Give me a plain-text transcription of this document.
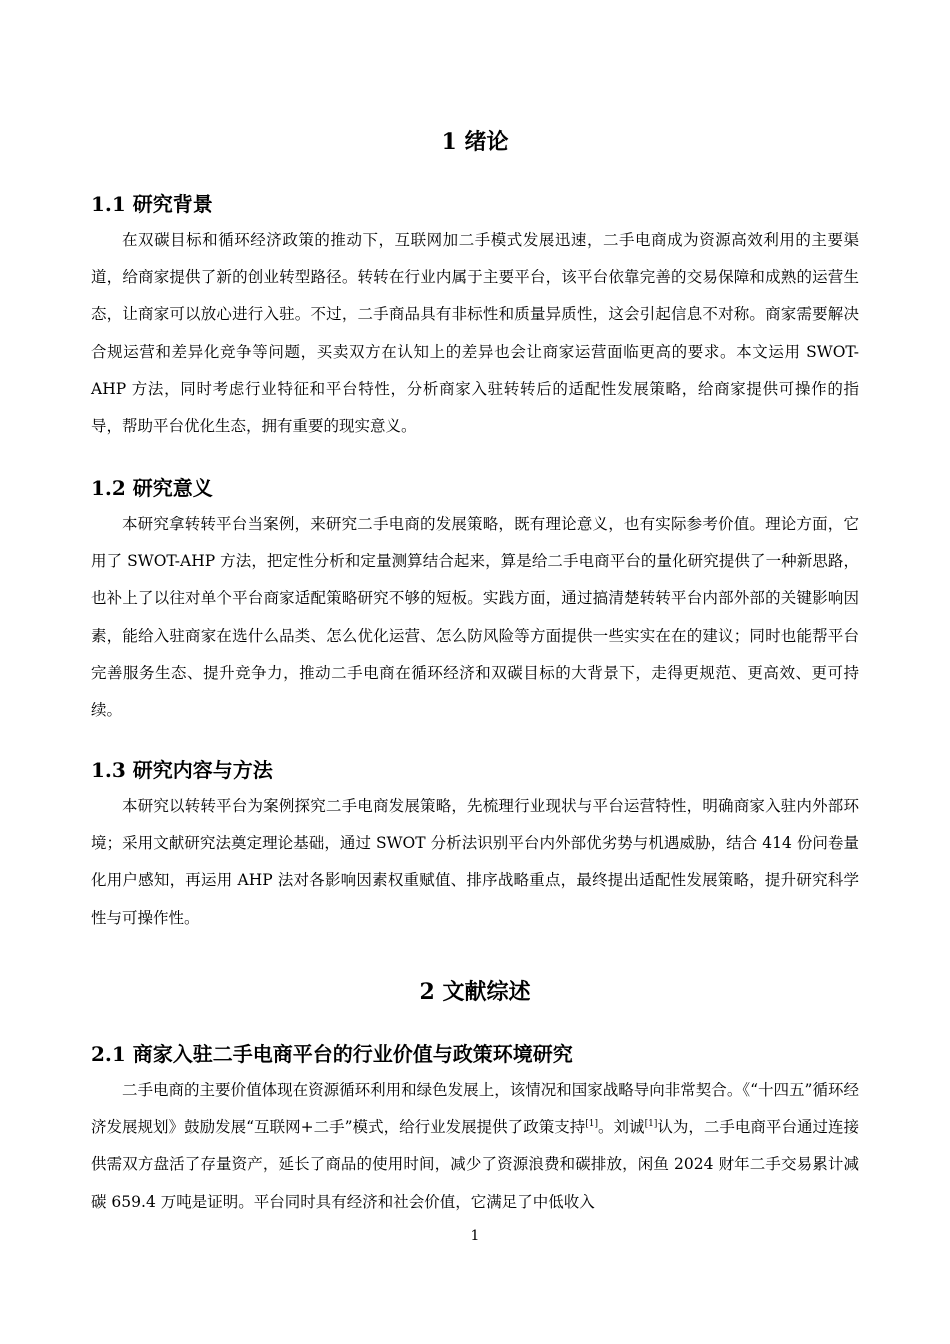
1 绪论
1.1 研究背景

在双碳目标和循环经济政策的推动下，互联网加二手模式发展迅速，二手电商成为资源高效利用的主要渠道，给商家提供了新的创业转型路径。转转在行业内属于主要平台，该平台依靠完善的交易保障和成熟的运营生态，让商家可以放心进行入驻。不过，二手商品具有非标性和质量异质性，这会引起信息不对称。商家需要解决合规运营和差异化竞争等问题，买卖双方在认知上的差异也会让商家运营面临更高的要求。本文运用 SWOT-AHP 方法，同时考虑行业特征和平台特性，分析商家入驻转转后的适配性发展策略，给商家提供可操作的指导，帮助平台优化生态，拥有重要的现实意义。

1.2 研究意义

本研究拿转转平台当案例，来研究二手电商的发展策略，既有理论意义，也有实际参考价值。理论方面，它用了 SWOT-AHP 方法，把定性分析和定量测算结合起来，算是给二手电商平台的量化研究提供了一种新思路，也补上了以往对单个平台商家适配策略研究不够的短板。实践方面，通过搞清楚转转平台内部外部的关键影响因素，能给入驻商家在选什么品类、怎么优化运营、怎么防风险等方面提供一些实实在在的建议；同时也能帮平台完善服务生态、提升竞争力，推动二手电商在循环经济和双碳目标的大背景下，走得更规范、更高效、更可持续。

1.3 研究内容与方法

本研究以转转平台为案例探究二手电商发展策略，先梳理行业现状与平台运营特性，明确商家入驻内外部环境；采用文献研究法奠定理论基础，通过 SWOT 分析法识别平台内外部优劣势与机遇威胁，结合 414 份问卷量化用户感知，再运用 AHP 法对各影响因素权重赋值、排序战略重点，最终提出适配性发展策略，提升研究科学性与可操作性。

2 文献综述
2.1 商家入驻二手电商平台的行业价值与政策环境研究

二手电商的主要价值体现在资源循环利用和绿色发展上，该情况和国家战略导向非常契合。《“十四五”循环经济发展规划》鼓励发展“互联网+二手”模式，给行业发展提供了政策支持[1]。刘诚[1]认为，二手电商平台通过连接供需双方盘活了存量资产，延长了商品的使用时间，减少了资源浪费和碳排放，闲鱼 2024 财年二手交易累计减碳 659.4 万吨是证明。平台同时具有经济和社会价值，它满足了中低收入

1
